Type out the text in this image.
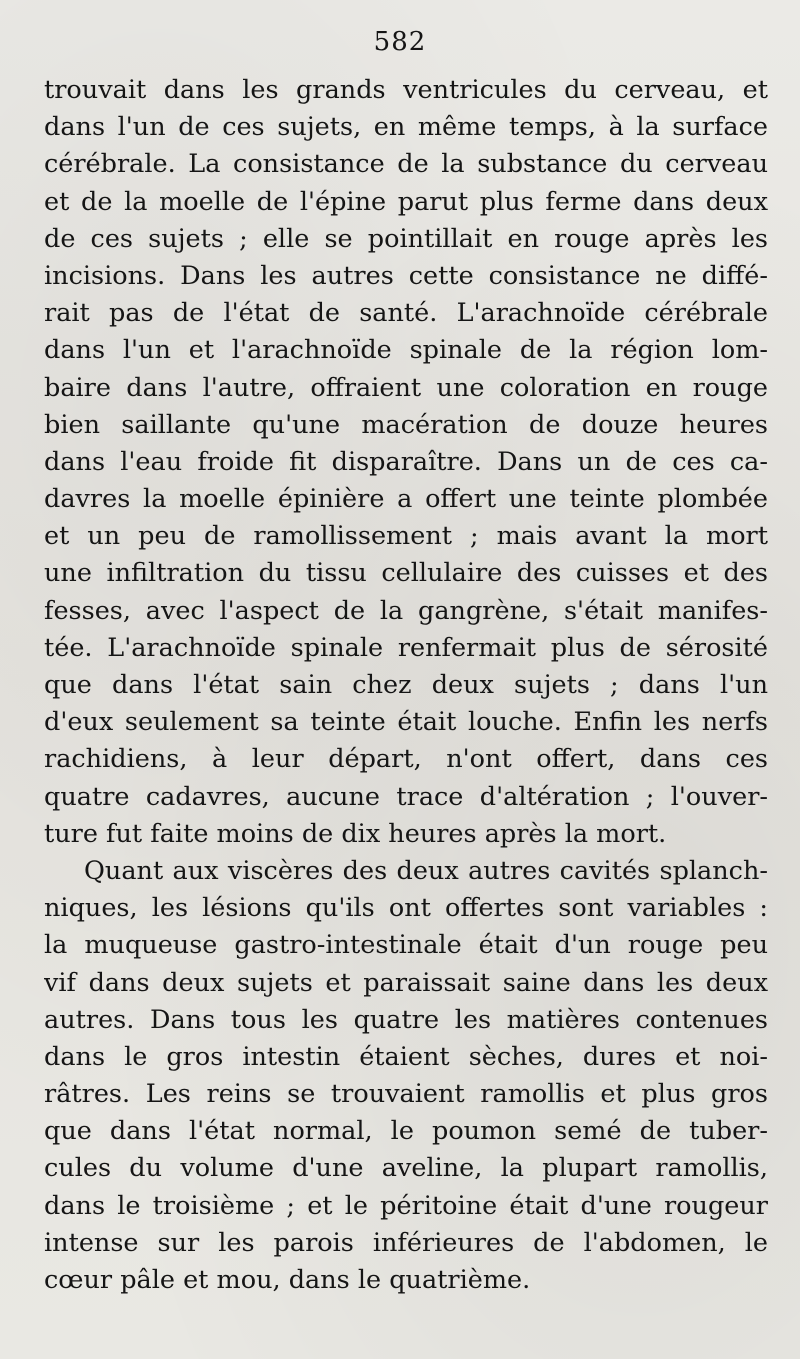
582
trouvait dans les grands ventricules du cerveau, et
dans l'un de ces sujets, en même temps, à la surface
cérébrale. La consistance de la substance du cerveau
et de la moelle de l'épine parut plus ferme dans deux
de ces sujets ; elle se pointillait en rouge après les
incisions. Dans les autres cette consistance ne diffé-
rait pas de l'état de santé. L'arachnoïde cérébrale
dans l'un et l'arachnoïde spinale de la région lom-
baire dans l'autre, offraient une coloration en rouge
bien saillante qu'une macération de douze heures
dans l'eau froide fit disparaître. Dans un de ces ca-
davres la moelle épinière a offert une teinte plombée
et un peu de ramollissement ; mais avant la mort
une infiltration du tissu cellulaire des cuisses et des
fesses, avec l'aspect de la gangrène, s'était manifes-
tée. L'arachnoïde spinale renfermait plus de sérosité
que dans l'état sain chez deux sujets ; dans l'un
d'eux seulement sa teinte était louche. Enfin les nerfs
rachidiens, à leur départ, n'ont offert, dans ces
quatre cadavres, aucune trace d'altération ; l'ouver-
ture fut faite moins de dix heures après la mort.
Quant aux viscères des deux autres cavités splanch-
niques, les lésions qu'ils ont offertes sont variables :
la muqueuse gastro-intestinale était d'un rouge peu
vif dans deux sujets et paraissait saine dans les deux
autres. Dans tous les quatre les matières contenues
dans le gros intestin étaient sèches, dures et noi-
râtres. Les reins se trouvaient ramollis et plus gros
que dans l'état normal, le poumon semé de tuber-
cules du volume d'une aveline, la plupart ramollis,
dans le troisième ; et le péritoine était d'une rougeur
intense sur les parois inférieures de l'abdomen, le
cœur pâle et mou, dans le quatrième.
